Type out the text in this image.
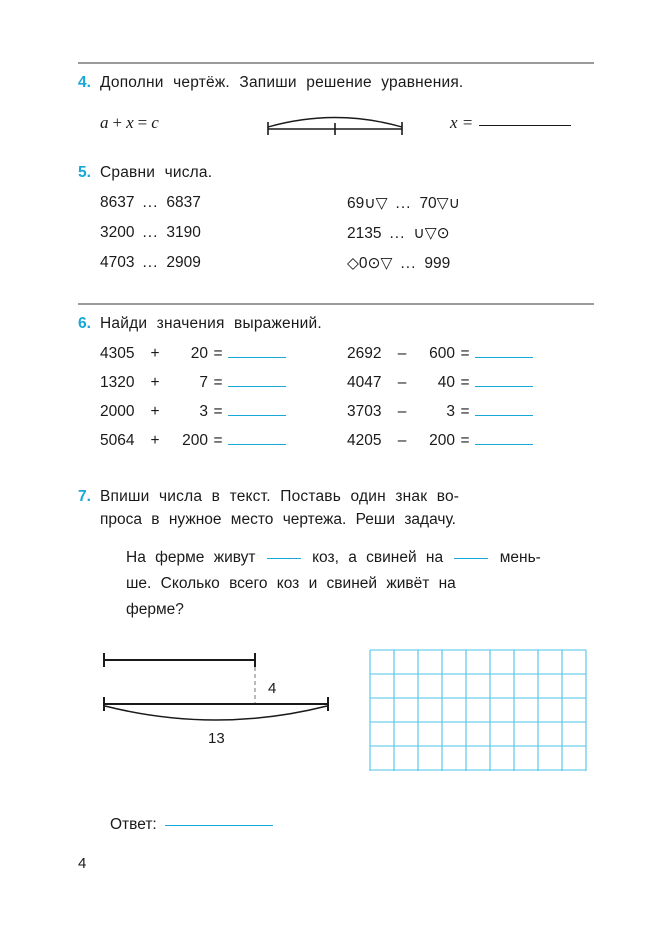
4. Дополни чертёж. Запиши решение уравнения.
a + x = c	x =
5. Сравни числа.
8637 ... 6837	69∪▽ ... 70▽∪
3200 ... 3190	2135 ... ∪▽⊙
4703 ... 2909	◇0⊙▽ ... 999
6. Найди значения выражений.
4305	+	20 =	2692	–	600 =
1320	+	7 =	4047	–	40 =
2000	+	3 =	3703	–	3 =
5064	+	200 =	4205	–	200 =
7. Впиши числа в текст. Поставь один знак во-

проса в нужное место чертежа. Реши задачу.

На ферме живут	коз, а свиней на	мень-

ше. Сколько всего коз и свиней живёт на

ферме?

4
13
Ответ:
4
